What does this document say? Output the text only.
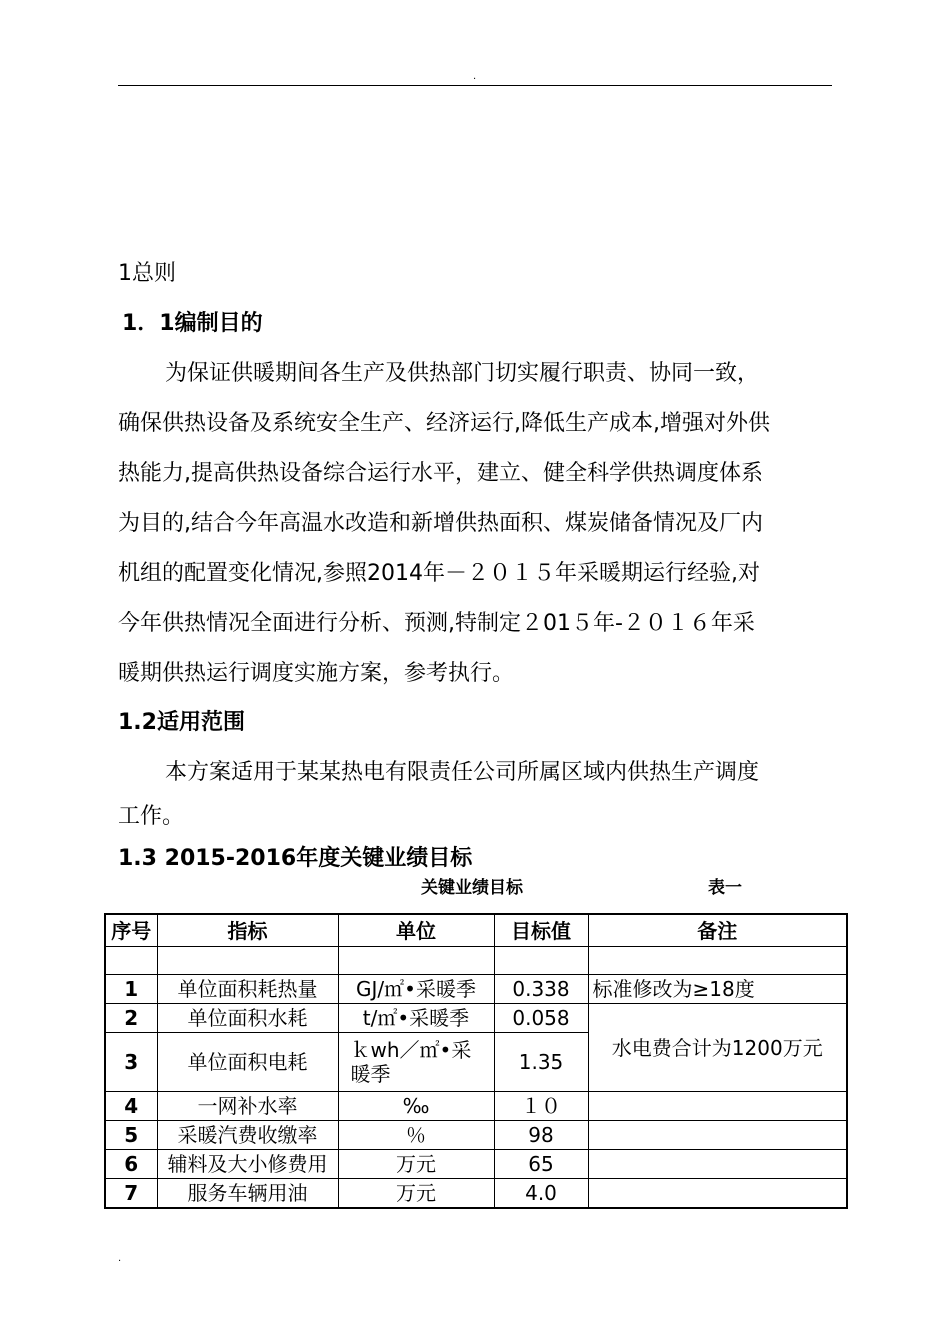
.
1总则
1．1编制目的
为保证供暖期间各生产及供热部门切实履行职责、协同一致，
确保供热设备及系统安全生产、经济运行,降低生产成本,增强对外供
热能力,提高供热设备综合运行水平，建立、健全科学供热调度体系
为目的,结合今年高温水改造和新增供热面积、煤炭储备情况及厂内
机组的配置变化情况,参照2014年－２０１５年采暖期运行经验,对
今年供热情况全面进行分析、预测,特制定２01５年-２０１６年采
暖期供热运行调度实施方案，参考执行。
1.2适用范围
本方案适用于某某热电有限责任公司所属区域内供热生产调度
工作。
1.3 2015-2016年度关键业绩目标
关键业绩目标	表一
序号	指标	单位	目标值	备注

1	单位面积耗热量	GJ/㎡•采暖季	0.338	标准修改为≥18度
2	单位面积水耗	t/㎡•采暖季	0.058	水电费合计为1200万元
3	单位面积电耗	ｋwh／㎡•采暖季	1.35	
4	一网补水率	‰	１０	
5	采暖汽费收缴率	％	98	
6	辅料及大小修费用	万元	65	
7	服务车辆用油	万元	4.0	
.
